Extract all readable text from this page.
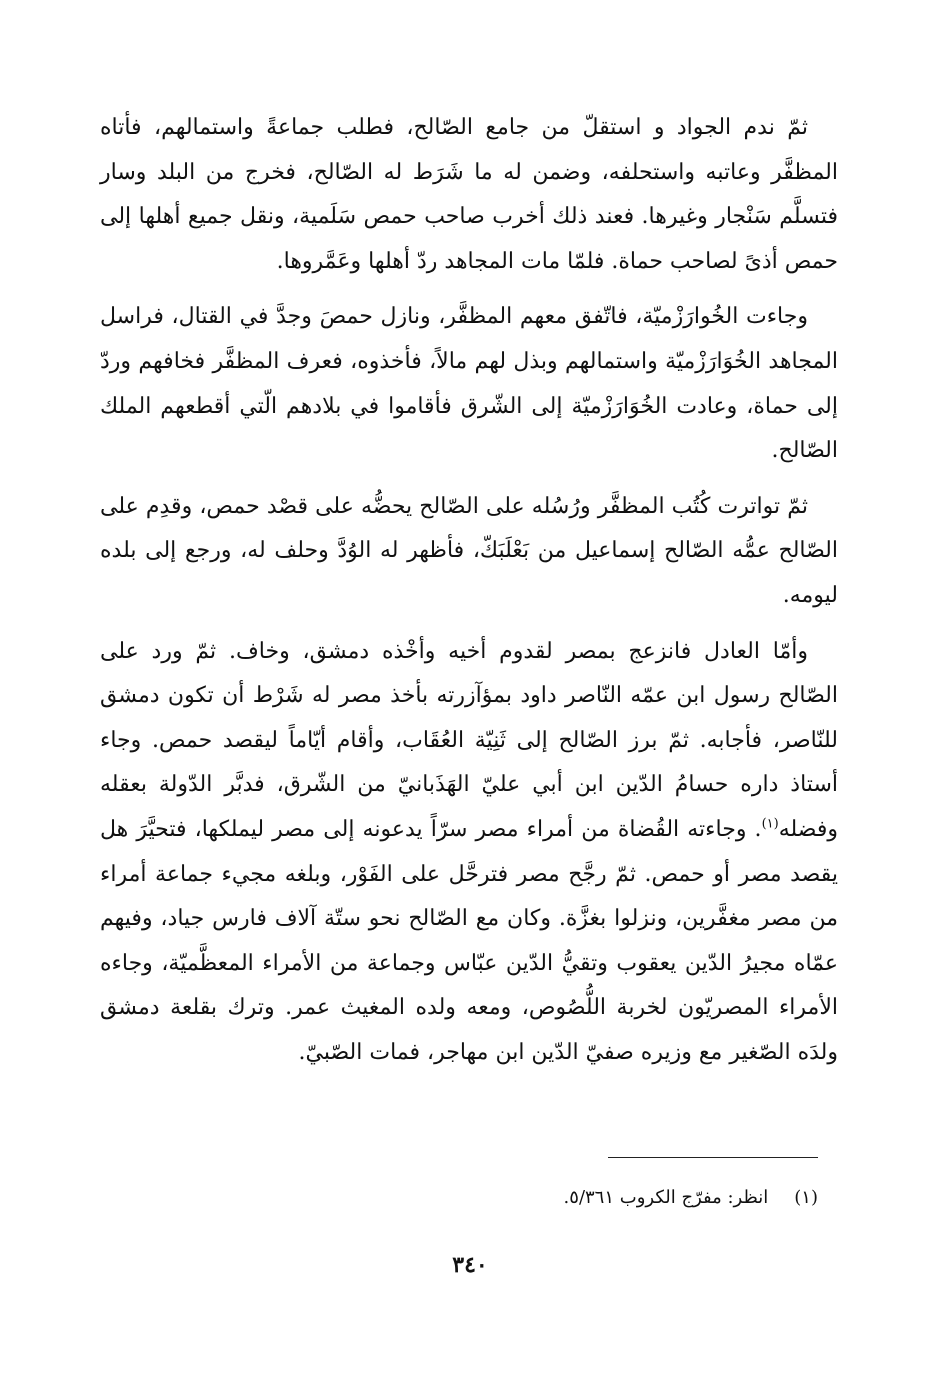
ثمّ ندم الجواد و استقلّ من جامع الصّالح، فطلب جماعةً واستمالهم، فأتاه المظفَّر وعاتبه واستحلفه، وضمن له ما شَرَط له الصّالح، فخرج من البلد وسار فتسلَّم سَنْجار وغيرها. فعند ذلك أخرب صاحب حمص سَلَمية، ونقل جميع أهلها إلى حمص أذىً لصاحب حماة. فلمّا مات المجاهد ردّ أهلها وعَمَّروها.

وجاءت الخُوارَزْميّة، فاتّفق معهم المظفَّر، ونازل حمصَ وجدَّ في القتال، فراسل المجاهد الخُوَارَزْميّة واستمالهم وبذل لهم مالاً، فأخذوه، فعرف المظفَّر فخافهم وردّ إلى حماة، وعادت الخُوَارَزْميّة إلى الشّرق فأقاموا في بلادهم الّتي أقطعهم الملك الصّالح.

ثمّ تواترت كُتُب المظفَّر ورُسُله على الصّالح يحضُّه على قصْد حمص، وقدِم على الصّالح عمُّه الصّالح إسماعيل من بَعْلَبَكّ، فأظهر له الوُدَّ وحلف له، ورجع إلى بلده ليومه.

وأمّا العادل فانزعج بمصر لقدوم أخيه وأخْذه دمشق، وخاف. ثمّ ورد على الصّالح رسول ابن عمّه النّاصر داود بمؤآزرته بأخذ مصر له شَرْط أن تكون دمشق للنّاصر، فأجابه. ثمّ برز الصّالح إلى ثَنِيّة العُقَاب، وأقام أيّاماً ليقصد حمص. وجاء أستاذ داره حسامُ الدّين ابن أبي عليّ الهَذَبانيّ من الشّرق، فدبَّر الدّولة بعقله وفضله$^{(١)}$. وجاءته القُضاة من أمراء مصر سرّاً يدعونه إلى مصر ليملكها، فتحيَّرَ هل يقصد مصر أو حمص. ثمّ رجَّح مصر فترحَّل على الفَوْر، وبلغه مجيء جماعة أمراء من مصر مغفَّرين، ونزلوا بغزَّة. وكان مع الصّالح نحو ستّة آلاف فارس جياد، وفيهم عمّاه مجيرُ الدّين يعقوب وتقيُّ الدّين عبّاس وجماعة من الأمراء المعظَّميّة، وجاءه الأمراء المصريّون لخربة اللُّصُوص، ومعه ولده المغيث عمر. وترك بقلعة دمشق ولدَه الصّغير مع وزيره صفيّ الدّين ابن مهاجر، فمات الصّبيّ.

(١)انظر: مفرّج الكروب ٥/٣٦١.
٣٤٠
